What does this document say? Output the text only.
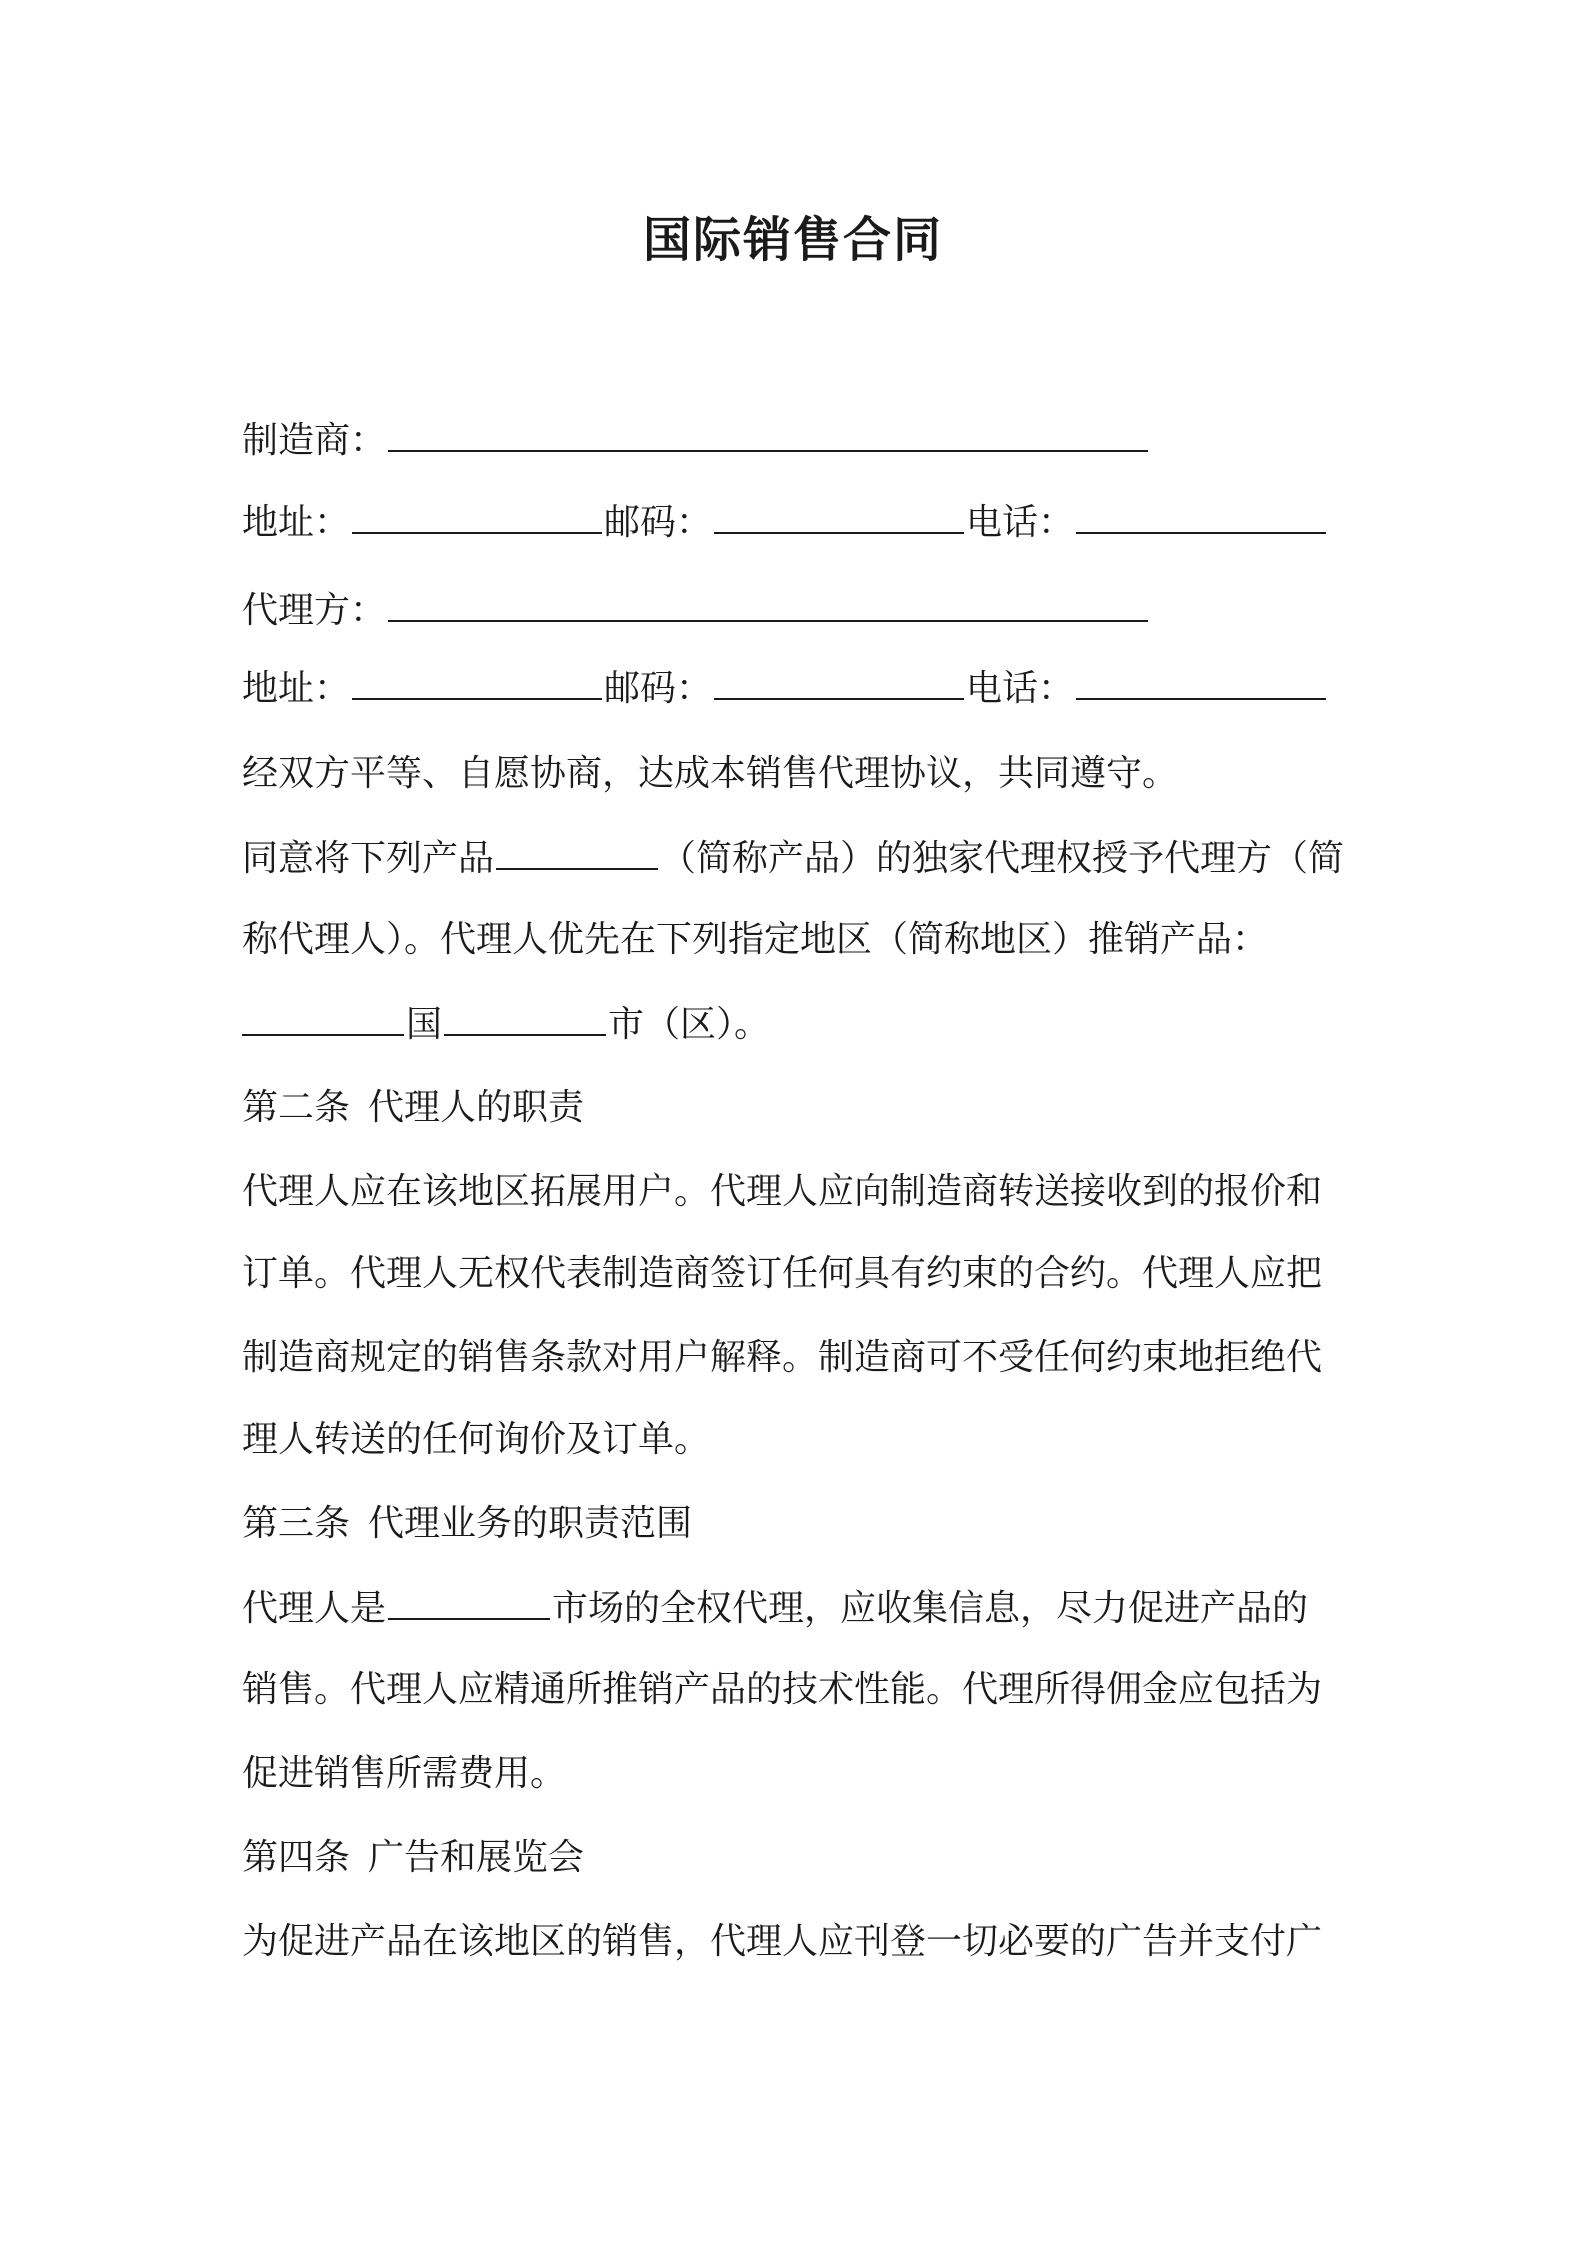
国际销售合同
制造商：
地址：	邮码：	电话：
代理方：
地址：	邮码：	电话：
经双方平等、自愿协商，达成本销售代理协议，共同遵守。
同意将下列产品	（简称产品）的独家代理权授予代理方（简
称代理人）。代理人优先在下列指定地区（简称地区）推销产品：
国	市（区）。
第二条 代理人的职责
代理人应在该地区拓展用户。代理人应向制造商转送接收到的报价和
订单。代理人无权代表制造商签订任何具有约束的合约。代理人应把
制造商规定的销售条款对用户解释。制造商可不受任何约束地拒绝代
理人转送的任何询价及订单。
第三条 代理业务的职责范围
代理人是	市场的全权代理，应收集信息，尽力促进产品的
销售。代理人应精通所推销产品的技术性能。代理所得佣金应包括为
促进销售所需费用。
第四条 广告和展览会
为促进产品在该地区的销售，代理人应刊登一切必要的广告并支付广
